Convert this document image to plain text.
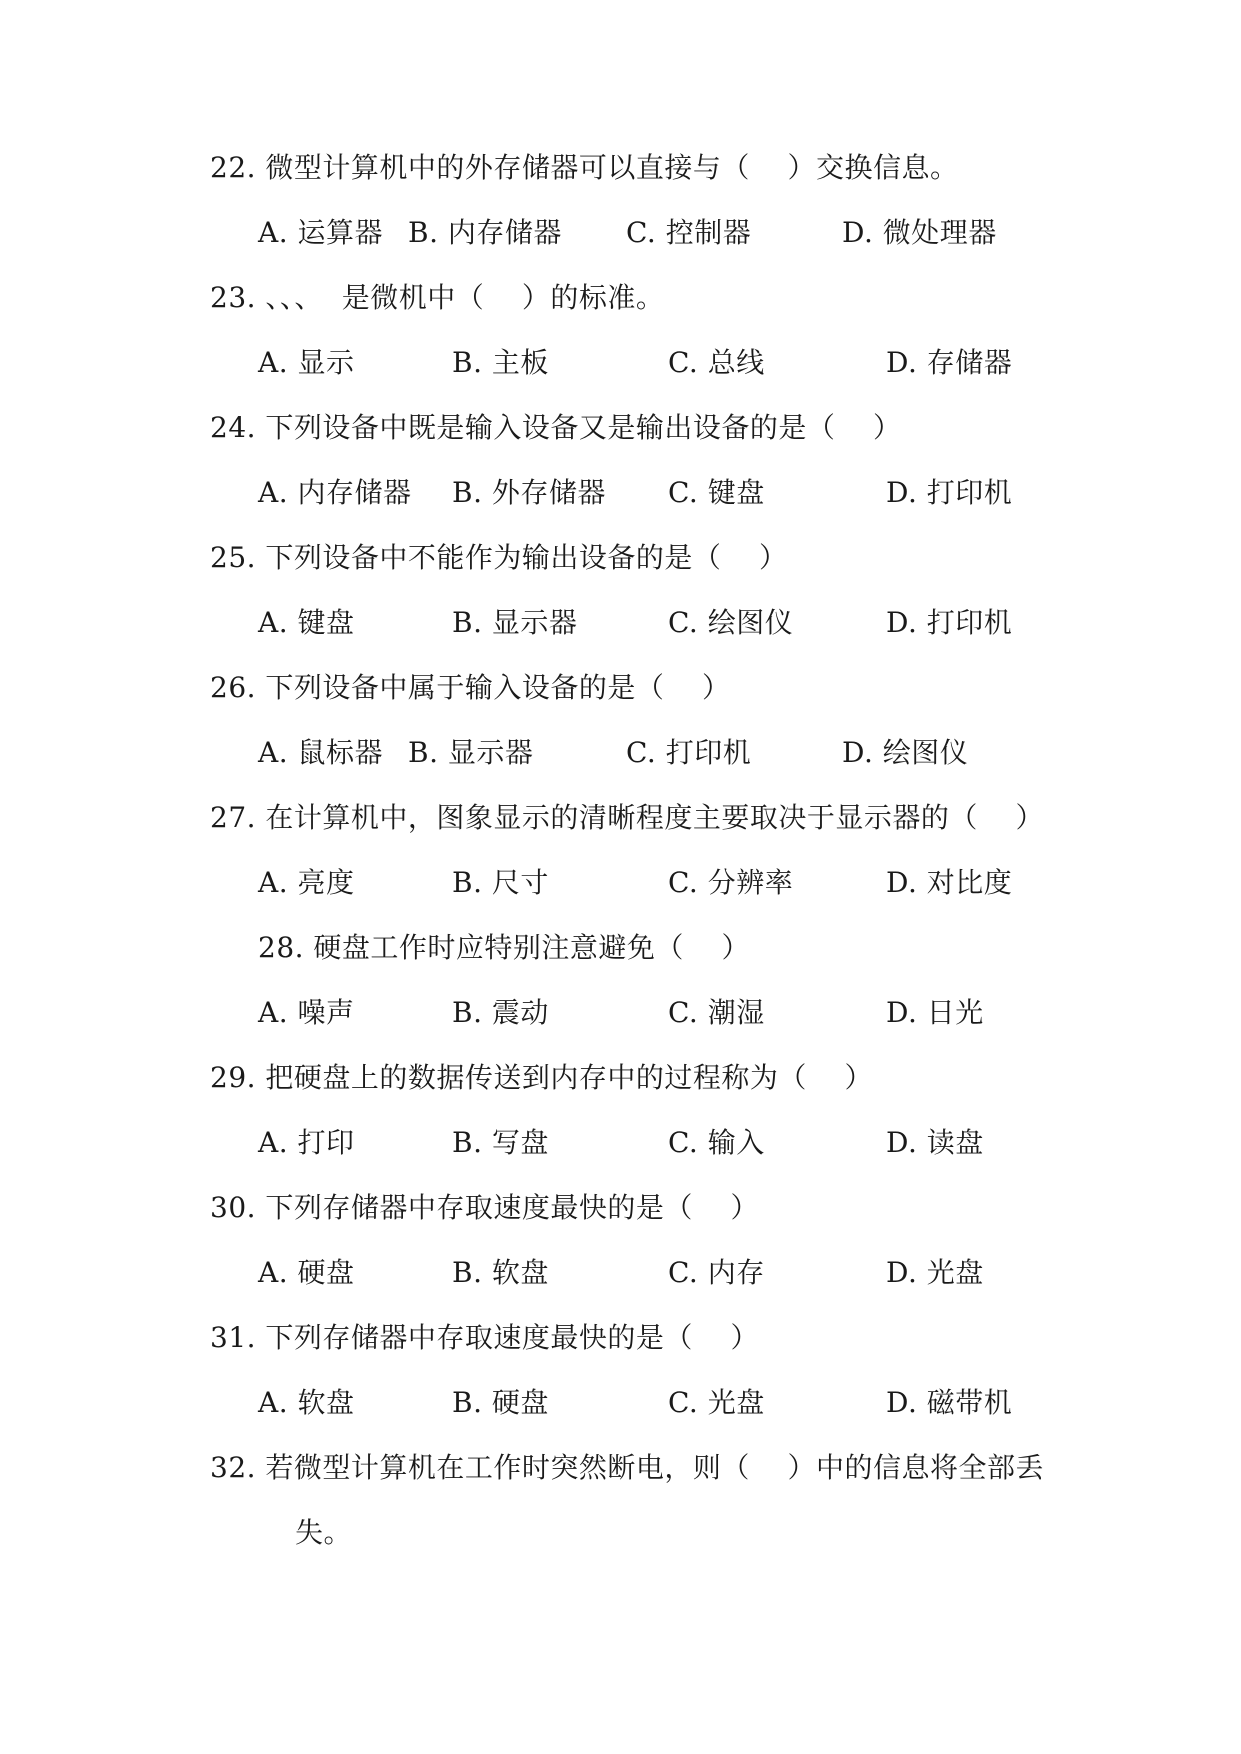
22. 微型计算机中的外存储器可以直接与（    ）交换信息。
A. 运算器 B. 内存储器 C. 控制器	D. 微处理器
23. 、、、  是微机中（    ）的标准。
A. 显示	B. 主板	C. 总线	D. 存储器
24. 下列设备中既是输入设备又是输出设备的是（    ）
A. 内存储器 B. 外存储器 C. 键盘	D. 打印机
25. 下列设备中不能作为输出设备的是（    ）
A. 键盘	B. 显示器	C. 绘图仪	D. 打印机
26. 下列设备中属于输入设备的是（    ）
A. 鼠标器 B. 显示器	C. 打印机	D. 绘图仪
27. 在计算机中，图象显示的清晰程度主要取决于显示器的（    ）
A. 亮度	B. 尺寸	C. 分辨率	D. 对比度
28. 硬盘工作时应特别注意避免（    ）
A. 噪声	B. 震动	C. 潮湿	D. 日光
29. 把硬盘上的数据传送到内存中的过程称为（    ）
A. 打印	B. 写盘	C. 输入	D. 读盘
30. 下列存储器中存取速度最快的是（    ）
A. 硬盘	B. 软盘	C. 内存	D. 光盘
31. 下列存储器中存取速度最快的是（    ）
A. 软盘	B. 硬盘	C. 光盘	D. 磁带机
32. 若微型计算机在工作时突然断电，则（    ）中的信息将全部丢
失。
